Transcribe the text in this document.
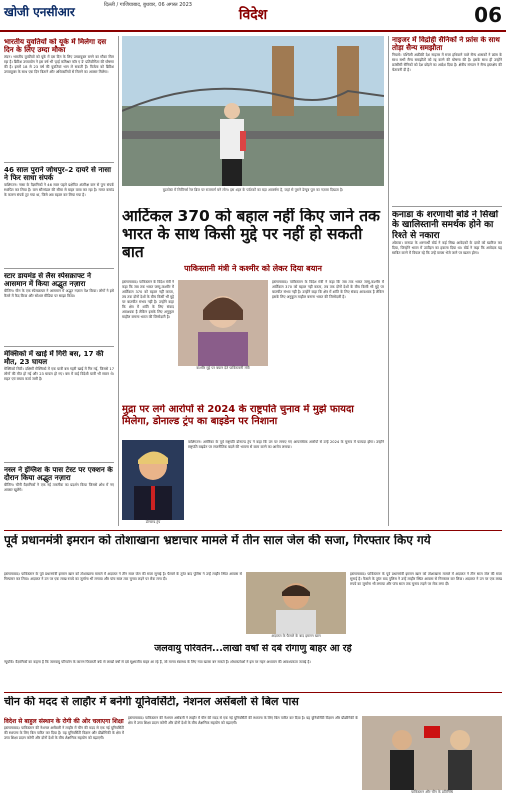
खोजी एनसीआर	दिल्ली / गाजियाबाद, बुधवार, 06 अगस्त 2023
विदेश	06

भारतीय युवतियों को यूके में मिलेगा दस दिन के लिए उम्दा मौका

लंदन। भारतीय युवतियों को यूके में दस दिन के लिए उच्चायुक्त बनने का मौका मिल रहा है। ब्रिटिश उच्चायोग ने इस वर्ष भी 'हाई कमिश्नर फॉर ए डे' प्रतियोगिता की घोषणा की है। इसमें 18 से 23 वर्ष की युवतियां भाग ले सकती हैं। विजेता को ब्रिटिश उच्चायुक्त के साथ एक दिन बिताने और अधिकारियों से मिलने का अवसर मिलेगा।

46 साल पुराने जोधपुर–2 दायरे से नासा ने फिर साधा संपर्क

वाशिंगटन। नासा के वैज्ञानिकों ने 46 साल पहले प्रक्षेपित अंतरिक्ष यान से पुनः संपर्क स्थापित कर लिया है। यान सौरमंडल की सीमा से बाहर यात्रा कर रहा है। गलत कमांड के कारण संपर्क टूट गया था, जिसे अब बहाल कर लिया गया है।

स्टार डायमंड से लैस स्पेसक्राफ्ट ने आसमान में किया अद्भुत नज़ारा

बीजिंग। चीन के एक स्पेसक्राफ्ट ने आसमान में अद्भुत नज़ारा पेश किया। लोगों ने इसे कैमरे में कैद किया और सोशल मीडिया पर साझा किया।

मेक्सिको में खाई में गिरी बस, 17 की मौत, 23 घायल

मेक्सिको सिटी। दक्षिणी मेक्सिको में एक यात्री बस गहरी खाई में गिर गई, जिससे 17 लोगों की मौत हो गई और 23 घायल हो गए। बस में कई विदेशी यात्री भी सवार थे। राहत एवं बचाव कार्य जारी है।

नस्ल ने इंग्लिश के पास टेस्ट पर एक्शन के दौरान किया अद्भुत नज़ारा

बीजिंग। चीनी वैज्ञानिकों ने एक नई तकनीक का प्रदर्शन किया जिससे शोध में नए अवसर खुलेंगे।

बुडापेस्ट में सिविंगर्स रेल ब्रिज पर राजमार्ग बने लोग। इस शहर के पर्यटकों का बड़ा आकर्षण है, जहां से पुराने डेन्यूब पुल का नज़ारा दिखता है।

आर्टिकल 370 को बहाल नहीं किए जाने तक भारत के साथ किसी मुद्दे पर नहीं हो सकती बात

पाकिस्तानी मंत्री ने कश्मीर को लेकर दिया बयान

कश्मीर मुद्दे पर बयान देते पाकिस्तानी मंत्री

इस्लामाबाद। पाकिस्तान के विदेश मंत्री ने कहा कि जब तक भारत जम्मू-कश्मीर में आर्टिकल 370 को बहाल नहीं करता, तब तक दोनों देशों के बीच किसी भी मुद्दे पर बातचीत संभव नहीं है। उन्होंने कहा कि क्षेत्र में शांति के लिए संवाद आवश्यक है लेकिन इसके लिए अनुकूल माहौल बनाना भारत की जिम्मेदारी है।

इस्लामाबाद। पाकिस्तान के विदेश मंत्री ने कहा कि जब तक भारत जम्मू-कश्मीर में आर्टिकल 370 को बहाल नहीं करता, तब तक दोनों देशों के बीच किसी भी मुद्दे पर बातचीत संभव नहीं है। उन्होंने कहा कि क्षेत्र में शांति के लिए संवाद आवश्यक है लेकिन इसके लिए अनुकूल माहौल बनाना भारत की जिम्मेदारी है।

नाइजर में विद्रोही सैनिकों ने फ्रांस के साथ तोड़ा सैन्य समझौता

नियामे। पश्चिमी अफ्रीकी देश नाइजर में सत्ता हथियाने वाले सैन्य शासकों ने फ्रांस के साथ सभी सैन्य समझौतों को रद्द करने की घोषणा की है। इसके साथ ही उन्होंने फ्रांसीसी सैनिकों को देश छोड़ने का आदेश दिया है। क्षेत्रीय संगठन ने सैन्य हस्तक्षेप की चेतावनी दी है।

कनाडा के शरणार्थी बोर्ड ने सिखों के खालिस्तानी समर्थक होने का रिश्ते से नकारा

ओटावा। कनाडा के शरणार्थी बोर्ड ने कई सिख आवेदकों के दावों को खारिज कर दिया, जिन्होंने भारत में उत्पीड़न का हवाला दिया था। बोर्ड ने कहा कि आवेदक यह साबित करने में विफल रहे कि उन्हें वापस भेजे जाने पर खतरा होगा।

मुद्रा पर लगे आरोपों से 2024 के राष्ट्रपति चुनाव में मुझे फायदा मिलेगा, डोनाल्ड ट्रंप का बाइडेन पर निशाना

डोनाल्ड ट्रंप

वाशिंगटन। अमेरिका के पूर्व राष्ट्रपति डोनाल्ड ट्रंप ने कहा कि उन पर लगाए गए आपराधिक आरोपों से उन्हें 2024 के चुनाव में फायदा होगा। उन्होंने राष्ट्रपति बाइडेन पर राजनीतिक बदले की भावना से काम करने का आरोप लगाया।

पूर्व प्रधानमंत्री इमरान को तोशाखाना भ्रष्टाचार मामले में तीन साल जेल की सजा, गिरफ्तार किए गये

इस्लामाबाद। पाकिस्तान के पूर्व प्रधानमंत्री इमरान खान को तोशाखाना मामले में अदालत ने तीन साल जेल की सजा सुनाई है। फैसले के तुरंत बाद पुलिस ने उन्हें लाहौर स्थित आवास से गिरफ्तार कर लिया। अदालत ने उन पर एक लाख रुपये का जुर्माना भी लगाया और पांच साल तक चुनाव लड़ने पर रोक लगा दी।

अदालत के फैसले के बाद इमरान खान

इस्लामाबाद। पाकिस्तान के पूर्व प्रधानमंत्री इमरान खान को तोशाखाना मामले में अदालत ने तीन साल जेल की सजा सुनाई है। फैसले के तुरंत बाद पुलिस ने उन्हें लाहौर स्थित आवास से गिरफ्तार कर लिया। अदालत ने उन पर एक लाख रुपये का जुर्माना भी लगाया और पांच साल तक चुनाव लड़ने पर रोक लगा दी।

जलवायु परिवर्तन...लाखों वर्षों से दबे रोगाणु बाहर आ रहे

न्यूयॉर्क। वैज्ञानिकों का कहना है कि जलवायु परिवर्तन के कारण पिघलती बर्फ से लाखों वर्षों से दबे सूक्ष्मजीव बाहर आ रहे हैं, जो मानव स्वास्थ्य के लिए नया खतरा बन सकते हैं। शोधकर्ताओं ने इस पर गहन अध्ययन की आवश्यकता जताई है।

चीन की मदद से लाहौर में बनेगी यूनिवर्सिटी, नेशनल असेंबली से बिल पास

विदेश से बाहुल संस्थान के रोगी की ओर चलाएगा शिक्षा

इस्लामाबाद। पाकिस्तान की नेशनल असेंबली ने लाहौर में चीन की मदद से एक नई यूनिवर्सिटी की स्थापना के लिए बिल पारित कर दिया है। यह यूनिवर्सिटी विज्ञान और प्रौद्योगिकी के क्षेत्र में उच्च शिक्षा प्रदान करेगी और दोनों देशों के बीच शैक्षणिक सहयोग को बढ़ाएगी।

इस्लामाबाद। पाकिस्तान की नेशनल असेंबली ने लाहौर में चीन की मदद से एक नई यूनिवर्सिटी की स्थापना के लिए बिल पारित कर दिया है। यह यूनिवर्सिटी विज्ञान और प्रौद्योगिकी के क्षेत्र में उच्च शिक्षा प्रदान करेगी और दोनों देशों के बीच शैक्षणिक सहयोग को बढ़ाएगी।

पाकिस्तान और चीन के प्रतिनिधि
